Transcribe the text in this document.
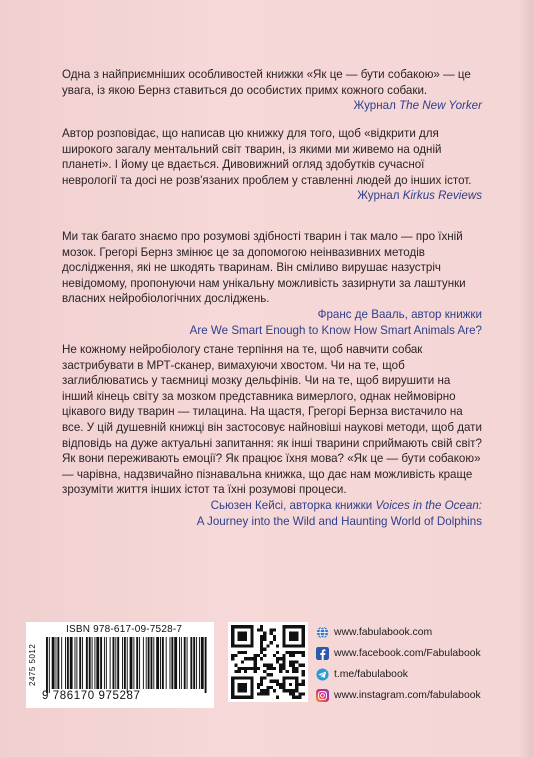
Одна з найприємніших особливостей книжки «Як це — бути собакою» — це увага, із якою Бернз ставиться до особистих примх кожного собаки.

Журнал The New Yorker

Автор розповідає, що написав цю книжку для того, щоб «відкрити для широкого загалу ментальний світ тварин, із якими ми живемо на одній планеті». І йому це вдається. Дивовижний огляд здобутків сучасної неврології та досі не розв'язаних проблем у ставленні людей до інших істот.

Журнал Kirkus Reviews

Ми так багато знаємо про розумові здібності тварин і так мало — про їхній мозок. Грегорі Бернз змінює це за допомогою неінвазивних методів дослідження, які не шкодять тваринам. Він сміливо вирушає назустріч невідомому, пропонуючи нам унікальну можливість зазирнути за лаштунки власних нейробіологічних досліджень.

Франс де Вааль, автор книжки

Are We Smart Enough to Know How Smart Animals Are?

Не кожному нейробіологу стане терпіння на те, щоб навчити собак застрибувати в МРТ-сканер, вимахуючи хвостом. Чи на те, щоб заглиблюватись у таємниці мозку дельфінів. Чи на те, щоб вирушити на інший кінець світу за мозком представника вимерлого, однак неймовірно цікавого виду тварин — тилацина. На щастя, Грегорі Бернза вистачило на все. У цій душевній книжці він застосовує найновіші наукові методи, щоб дати відповідь на дуже актуальні запитання: як інші тварини сприймають свій світ? Як вони переживають емоції? Як працює їхня мова? «Як це — бути собакою» — чарівна, надзвичайно пізнавальна книжка, що дає нам можливість краще зрозуміти життя інших істот та їхні розумові процеси.

Сьюзен Кейсі, авторка книжки Voices in the Ocean:

A Journey into the Wild and Haunting World of Dolphins

2475 5012
ISBN 978-617-09-7528-7
9 786170 975287
www.fabulabook.com
www.facebook.com/Fabulabook
t.me/fabulabook
www.instagram.com/fabulabook
